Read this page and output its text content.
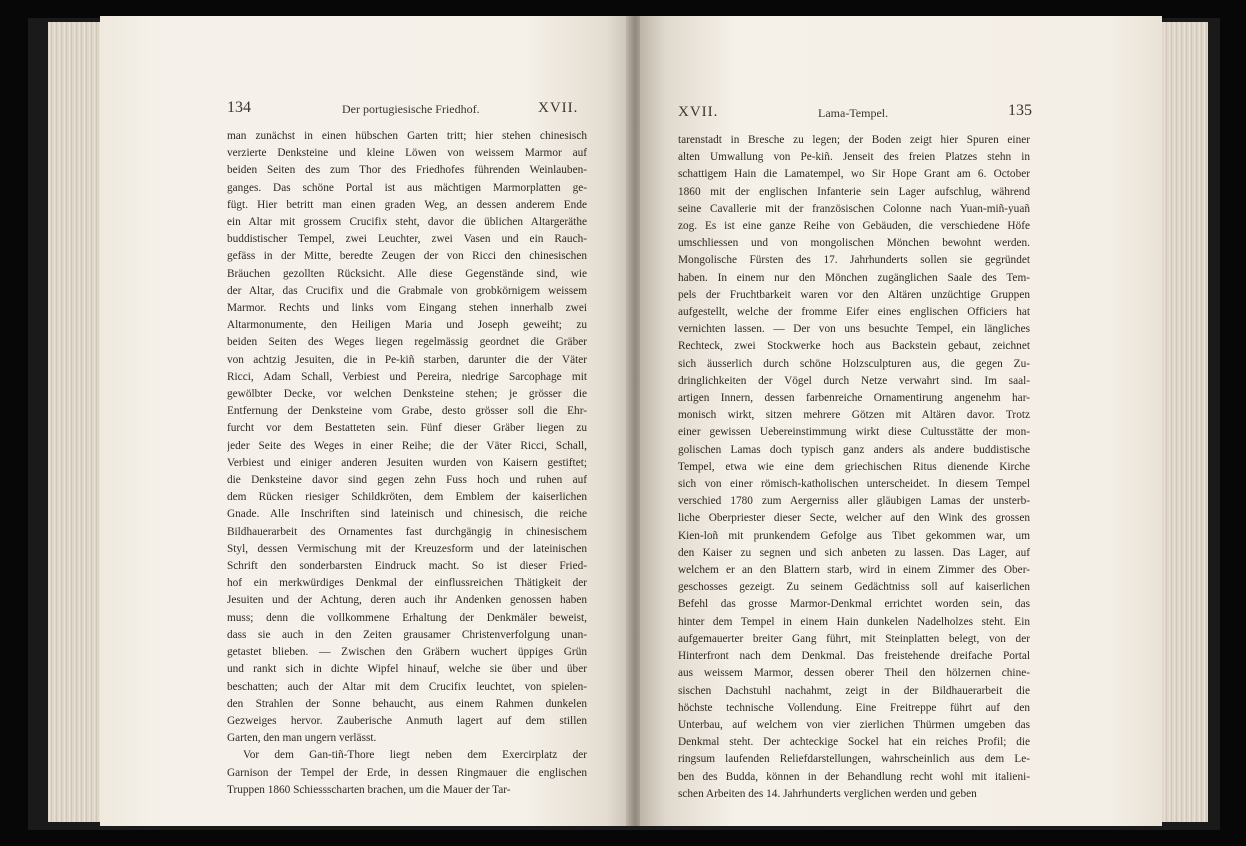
134	Der portugiesische Friedhof.	XVII.
man zunächst in einen hübschen Garten tritt; hier stehen chinesisch
verzierte Denksteine und kleine Löwen von weissem Marmor auf
beiden Seiten des zum Thor des Friedhofes führenden Weinlauben-
ganges. Das schöne Portal ist aus mächtigen Marmorplatten ge-
fügt. Hier betritt man einen graden Weg, an dessen anderem Ende
ein Altar mit grossem Crucifix steht, davor die üblichen Altargeräthe
buddistischer Tempel, zwei Leuchter, zwei Vasen und ein Rauch-
gefäss in der Mitte, beredte Zeugen der von Ricci den chinesischen
Bräuchen gezollten Rücksicht. Alle diese Gegenstände sind, wie
der Altar, das Crucifix und die Grabmale von grobkörnigem weissem
Marmor. Rechts und links vom Eingang stehen innerhalb zwei
Altarmonumente, den Heiligen Maria und Joseph geweiht; zu
beiden Seiten des Weges liegen regelmässig geordnet die Gräber
von achtzig Jesuiten, die in Pe-kiñ starben, darunter die der Väter
Ricci, Adam Schall, Verbiest und Pereira, niedrige Sarcophage mit
gewölbter Decke, vor welchen Denksteine stehen; je grösser die
Entfernung der Denksteine vom Grabe, desto grösser soll die Ehr-
furcht vor dem Bestatteten sein. Fünf dieser Gräber liegen zu
jeder Seite des Weges in einer Reihe; die der Väter Ricci, Schall,
Verbiest und einiger anderen Jesuiten wurden von Kaisern gestiftet;
die Denksteine davor sind gegen zehn Fuss hoch und ruhen auf
dem Rücken riesiger Schildkröten, dem Emblem der kaiserlichen
Gnade. Alle Inschriften sind lateinisch und chinesisch, die reiche
Bildhauerarbeit des Ornamentes fast durchgängig in chinesischem
Styl, dessen Vermischung mit der Kreuzesform und der lateinischen
Schrift den sonderbarsten Eindruck macht. So ist dieser Fried-
hof ein merkwürdiges Denkmal der einflussreichen Thätigkeit der
Jesuiten und der Achtung, deren auch ihr Andenken genossen haben
muss; denn die vollkommene Erhaltung der Denkmäler beweist,
dass sie auch in den Zeiten grausamer Christenverfolgung unan-
getastet blieben. — Zwischen den Gräbern wuchert üppiges Grün
und rankt sich in dichte Wipfel hinauf, welche sie über und über
beschatten; auch der Altar mit dem Crucifix leuchtet, von spielen-
den Strahlen der Sonne behaucht, aus einem Rahmen dunkelen
Gezweiges hervor. Zauberische Anmuth lagert auf dem stillen
Garten, den man ungern verlässt.
Vor dem Gan-tiñ-Thore liegt neben dem Exercirplatz der
Garnison der Tempel der Erde, in dessen Ringmauer die englischen
Truppen 1860 Schiessscharten brachen, um die Mauer der Tar-
XVII.	Lama-Tempel.	135
tarenstadt in Bresche zu legen; der Boden zeigt hier Spuren einer
alten Umwallung von Pe-kiñ. Jenseit des freien Platzes stehn in
schattigem Hain die Lamatempel, wo Sir Hope Grant am 6. October
1860 mit der englischen Infanterie sein Lager aufschlug, während
seine Cavallerie mit der französischen Colonne nach Yuan-miñ-yuañ
zog. Es ist eine ganze Reihe von Gebäuden, die verschiedene Höfe
umschliessen und von mongolischen Mönchen bewohnt werden.
Mongolische Fürsten des 17. Jahrhunderts sollen sie gegründet
haben. In einem nur den Mönchen zugänglichen Saale des Tem-
pels der Fruchtbarkeit waren vor den Altären unzüchtige Gruppen
aufgestellt, welche der fromme Eifer eines englischen Officiers hat
vernichten lassen. — Der von uns besuchte Tempel, ein längliches
Rechteck, zwei Stockwerke hoch aus Backstein gebaut, zeichnet
sich äusserlich durch schöne Holzsculpturen aus, die gegen Zu-
dringlichkeiten der Vögel durch Netze verwahrt sind. Im saal-
artigen Innern, dessen farbenreiche Ornamentirung angenehm har-
monisch wirkt, sitzen mehrere Götzen mit Altären davor. Trotz
einer gewissen Uebereinstimmung wirkt diese Cultusstätte der mon-
golischen Lamas doch typisch ganz anders als andere buddistische
Tempel, etwa wie eine dem griechischen Ritus dienende Kirche
sich von einer römisch-katholischen unterscheidet. In diesem Tempel
verschied 1780 zum Aergerniss aller gläubigen Lamas der unsterb-
liche Oberpriester dieser Secte, welcher auf den Wink des grossen
Kien-loñ mit prunkendem Gefolge aus Tibet gekommen war, um
den Kaiser zu segnen und sich anbeten zu lassen. Das Lager, auf
welchem er an den Blattern starb, wird in einem Zimmer des Ober-
geschosses gezeigt. Zu seinem Gedächtniss soll auf kaiserlichen
Befehl das grosse Marmor-Denkmal errichtet worden sein, das
hinter dem Tempel in einem Hain dunkelen Nadelholzes steht. Ein
aufgemauerter breiter Gang führt, mit Steinplatten belegt, von der
Hinterfront nach dem Denkmal. Das freistehende dreifache Portal
aus weissem Marmor, dessen oberer Theil den hölzernen chine-
sischen Dachstuhl nachahmt, zeigt in der Bildhauerarbeit die
höchste technische Vollendung. Eine Freitreppe führt auf den
Unterbau, auf welchem von vier zierlichen Thürmen umgeben das
Denkmal steht. Der achteckige Sockel hat ein reiches Profil; die
ringsum laufenden Reliefdarstellungen, wahrscheinlich aus dem Le-
ben des Budda, können in der Behandlung recht wohl mit italieni-
schen Arbeiten des 14. Jahrhunderts verglichen werden und geben
